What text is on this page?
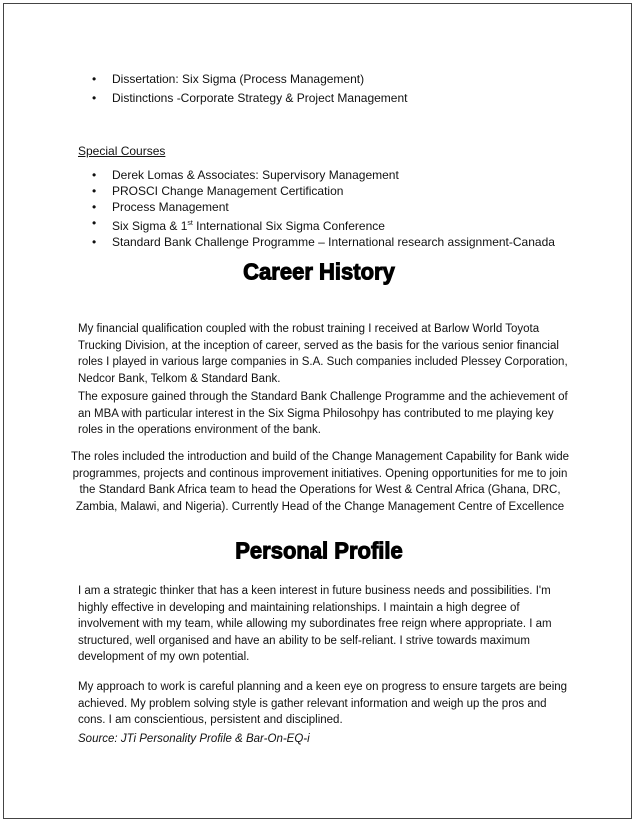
• Dissertation: Six Sigma (Process Management)
• Distinctions -Corporate Strategy & Project Management
Special Courses
• Derek Lomas & Associates: Supervisory Management
• PROSCI Change Management Certification
• Process Management
• Six Sigma & 1st International Six Sigma Conference
• Standard Bank Challenge Programme – International research assignment-Canada
Career History

My financial qualification coupled with the robust training I received at Barlow World Toyota Trucking Division, at the inception of career, served as the basis for the various senior financial roles I played in various large companies in S.A. Such companies included Plessey Corporation, Nedcor Bank, Telkom & Standard Bank.

The exposure gained through the Standard Bank Challenge Programme and the achievement of an MBA with particular interest in the Six Sigma Philosohpy has contributed to me playing key roles in the operations environment of the bank.

The roles included the introduction and build of the Change Management Capability for Bank wide programmes, projects and continous improvement initiatives. Opening opportunities for me to join the Standard Bank Africa team to head the Operations for West & Central Africa (Ghana, DRC, Zambia, Malawi, and Nigeria). Currently Head of the Change Management Centre of Excellence

Personal Profile

I am a strategic thinker that has a keen interest in future business needs and possibilities. I'm highly effective in developing and maintaining relationships. I maintain a high degree of involvement with my team, while allowing my subordinates free reign where appropriate. I am structured, well organised and have an ability to be self-reliant. I strive towards maximum development of my own potential.

My approach to work is careful planning and a keen eye on progress to ensure targets are being achieved. My problem solving style is gather relevant information and weigh up the pros and cons. I am conscientious, persistent and disciplined.

Source: JTi Personality Profile & Bar-On-EQ-i
